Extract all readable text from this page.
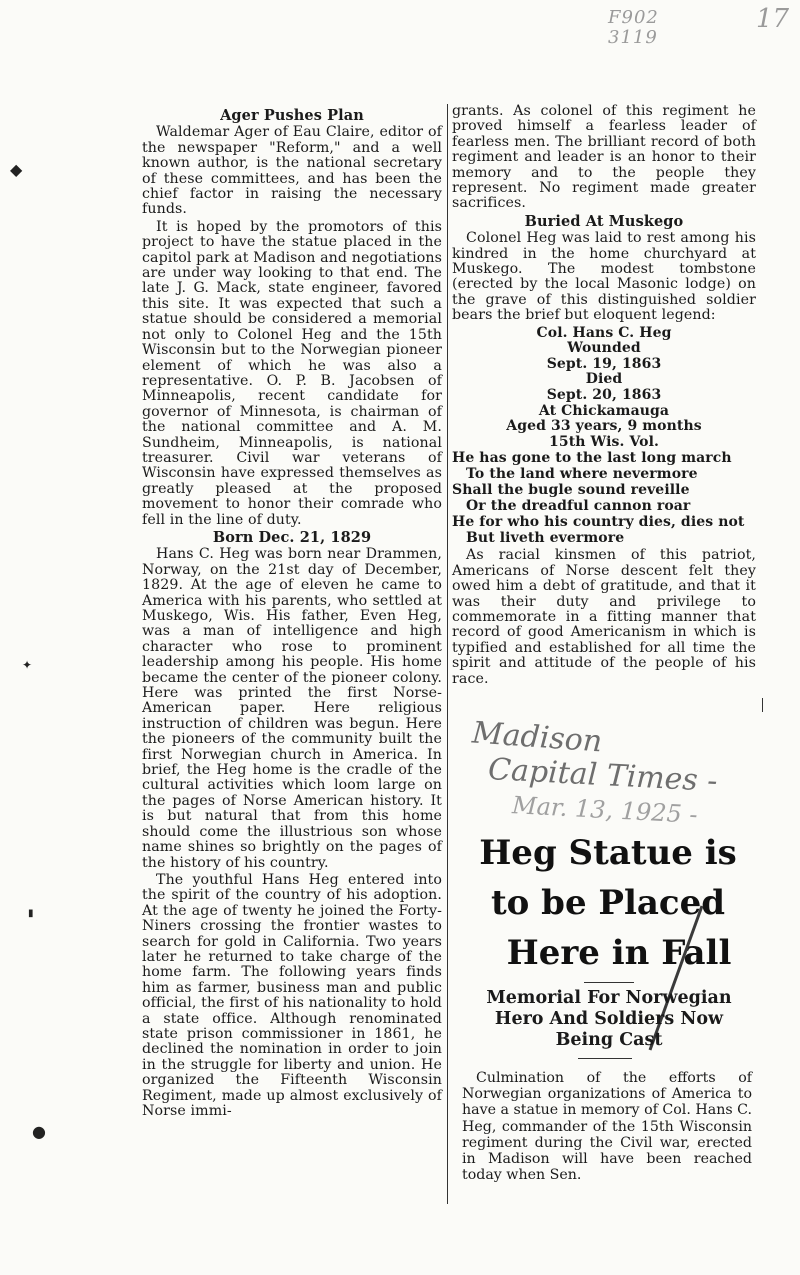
F902 3119
17
◆
✦
▮
●
Ager Pushes Plan

Waldemar Ager of Eau Claire, editor of the newspaper "Reform," and a well known author, is the national secretary of these committees, and has been the chief factor in raising the necessary funds.

It is hoped by the promotors of this project to have the statue placed in the capitol park at Madison and negotiations are under way looking to that end. The late J. G. Mack, state engineer, favored this site. It was expected that such a statue should be considered a memorial not only to Colonel Heg and the 15th Wisconsin but to the Norwegian pioneer element of which he was also a representative. O. P. B. Jacobsen of Minneapolis, recent candidate for governor of Minnesota, is chairman of the national committee and A. M. Sundheim, Minneapolis, is national treasurer. Civil war veterans of Wisconsin have expressed themselves as greatly pleased at the proposed movement to honor their comrade who fell in the line of duty.

Born Dec. 21, 1829

Hans C. Heg was born near Drammen, Norway, on the 21st day of December, 1829. At the age of eleven he came to America with his parents, who settled at Muskego, Wis. His father, Even Heg, was a man of intelligence and high character who rose to prominent leadership among his people. His home became the center of the pioneer colony. Here was printed the first Norse-American paper. Here religious instruction of children was begun. Here the pioneers of the community built the first Norwegian church in America. In brief, the Heg home is the cradle of the cultural activities which loom large on the pages of Norse American history. It is but natural that from this home should come the illustrious son whose name shines so brightly on the pages of the history of his country.

The youthful Hans Heg entered into the spirit of the country of his adoption. At the age of twenty he joined the Forty-Niners crossing the frontier wastes to search for gold in California. Two years later he returned to take charge of the home farm. The following years finds him as farmer, business man and public official, the first of his nationality to hold a state office. Although renominated state prison commissioner in 1861, he declined the nomination in order to join in the struggle for liberty and union. He organized the Fifteenth Wisconsin Regiment, made up almost exclusively of Norse immi-

grants. As colonel of this regiment he proved himself a fearless leader of fearless men. The brilliant record of both regiment and leader is an honor to their memory and to the people they represent. No regiment made greater sacrifices.

Buried At Muskego

Colonel Heg was laid to rest among his kindred in the home churchyard at Muskego. The modest tombstone (erected by the local Masonic lodge) on the grave of this distinguished soldier bears the brief but eloquent legend:

Col. Hans C. Heg
Wounded
Sept. 19, 1863
Died
Sept. 20, 1863
At Chickamauga
Aged 33 years, 9 months
15th Wis. Vol.
He has gone to the last long march
To the land where nevermore
Shall the bugle sound reveille
Or the dreadful cannon roar
He for who his country dies, dies not
But liveth evermore

As racial kinsmen of this patriot, Americans of Norse descent felt they owed him a debt of gratitude, and that it was their duty and privilege to commemorate in a fitting manner that record of good Americanism in which is typified and established for all time the spirit and attitude of the people of his race.

Madison
Capital Times -
Mar. 13, 1925 -
Heg Statue is
to be Placed
Here in Fall
Memorial For Norwegian
Hero And Soldiers Now
Being Cast

Culmination of the efforts of Norwegian organizations of America to have a statue in memory of Col. Hans C. Heg, commander of the 15th Wisconsin regiment during the Civil war, erected in Madison will have been reached today when Sen.
